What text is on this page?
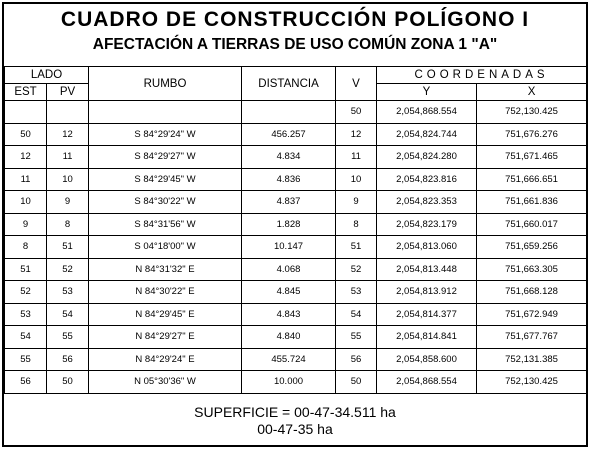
CUADRO DE CONSTRUCCIÓN POLÍGONO I
AFECTACIÓN A TIERRAS DE USO COMÚN ZONA 1 "A"
LADO		RUMBO	DISTANCIA	V	COORDENADAS	
EST	PV				Y	X
				50	2,054,868.554	752,130.425
50	12	S 84°29'24" W	456.257	12	2,054,824.744	751,676.276
12	11	S 84°29'27" W	4.834	11	2,054,824.280	751,671.465
11	10	S 84°29'45" W	4.836	10	2,054,823.816	751,666.651
10	9	S 84°30'22" W	4.837	9	2,054,823.353	751,661.836
9	8	S 84°31'56" W	1.828	8	2,054,823.179	751,660.017
8	51	S 04°18'00" W	10.147	51	2,054,813.060	751,659.256
51	52	N 84°31'32" E	4.068	52	2,054,813.448	751,663.305
52	53	N 84°30'22" E	4.845	53	2,054,813.912	751,668.128
53	54	N 84°29'45" E	4.843	54	2,054,814.377	751,672.949
54	55	N 84°29'27" E	4.840	55	2,054,814.841	751,677.767
55	56	N 84°29'24" E	455.724	56	2,054,858.600	752,131.385
56	50	N 05°30'36" W	10.000	50	2,054,868.554	752,130.425
SUPERFICIE = 00-47-34.511 ha
00-47-35 ha
